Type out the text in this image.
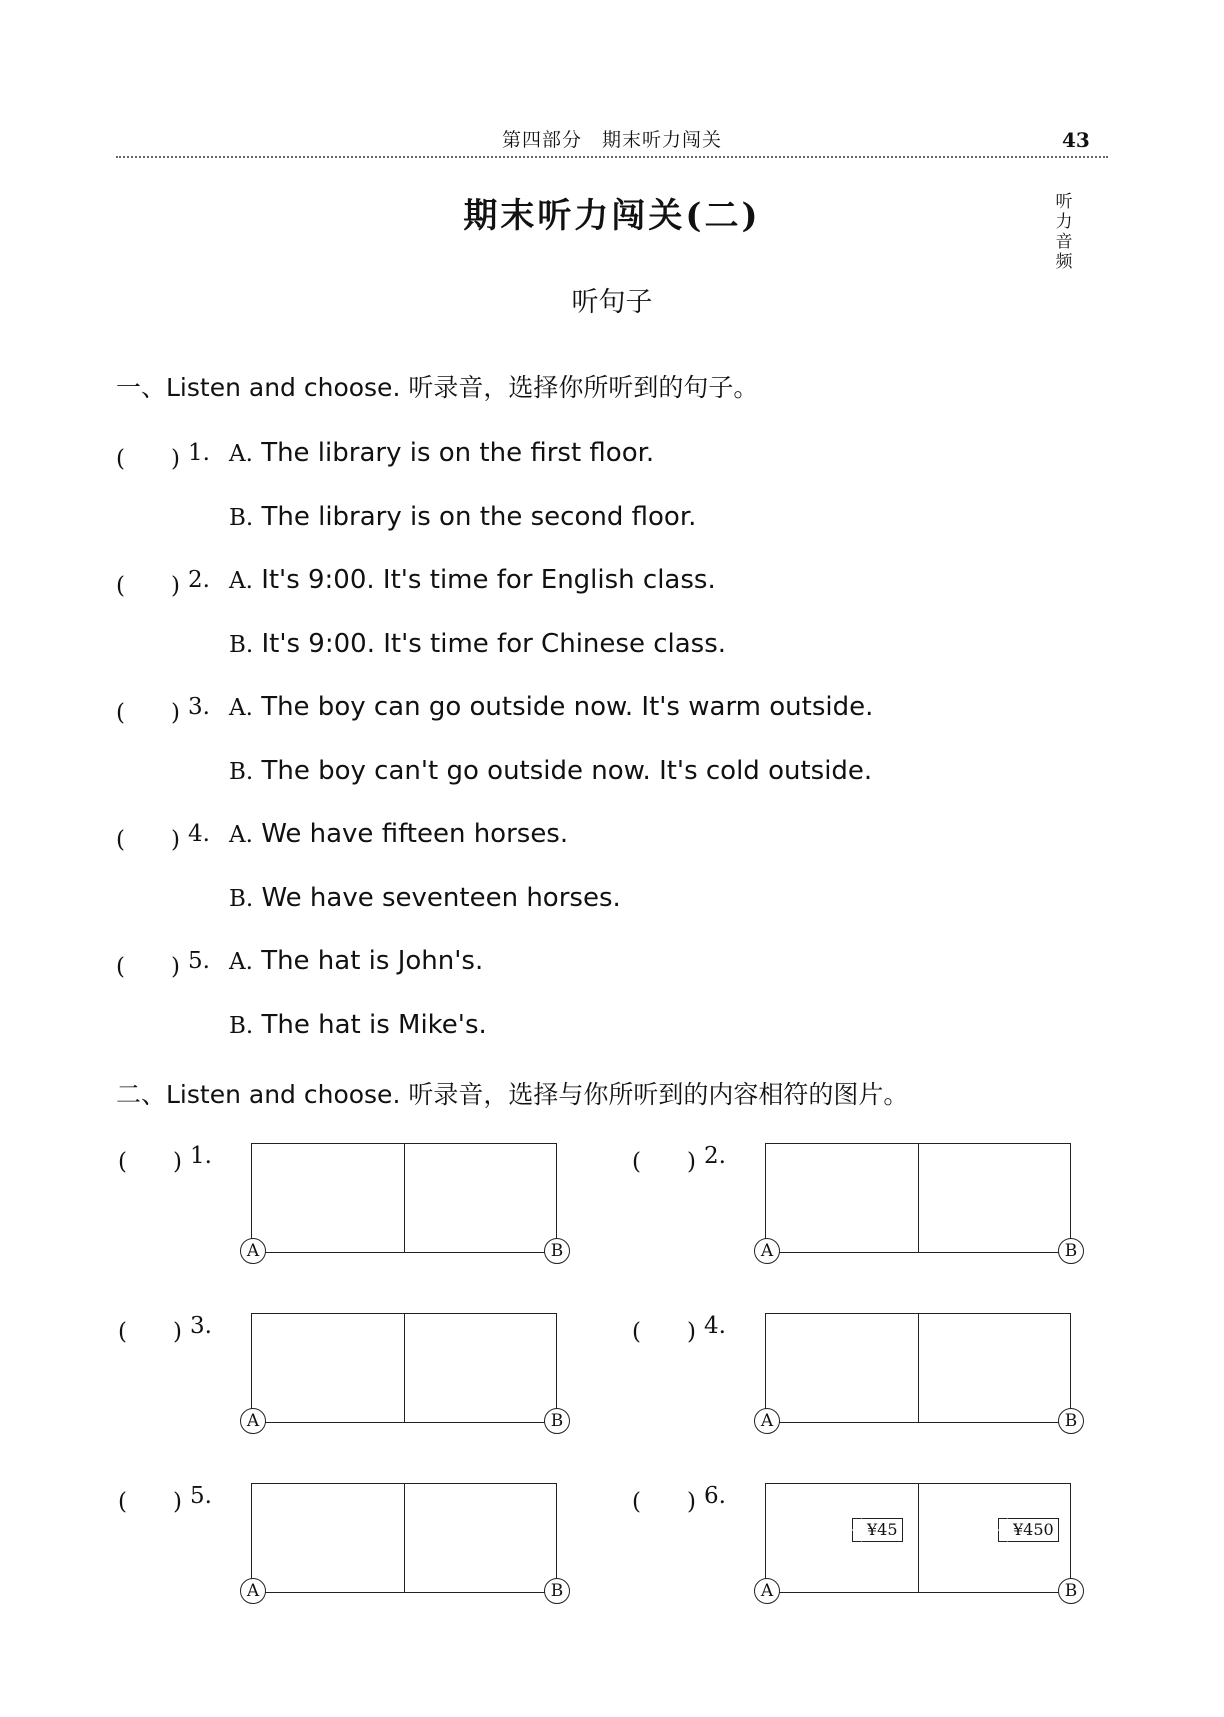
第四部分　期末听力闯关	43
期末听力闯关(二)	听力音频
听句子
一、Listen and choose. 听录音，选择你所听到的句子。
(　　) 1. A. The library is on the first floor.
B. The library is on the second floor.
(　　) 2. A. It's 9:00. It's time for English class.
B. It's 9:00. It's time for Chinese class.
(　　) 3. A. The boy can go outside now. It's warm outside.
B. The boy can't go outside now. It's cold outside.
(　　) 4. A. We have fifteen horses.
B. We have seventeen horses.
(　　) 5. A. The hat is John's.
B. The hat is Mike's.
二、Listen and choose. 听录音，选择与你所听到的内容相符的图片。
(　　) 1.
A	B
(　　) 2.
A	B
(　　) 3.
A	B
(　　) 4.
A	B
(　　) 5.
A	B
(　　) 6.
¥45	¥450
A	B
